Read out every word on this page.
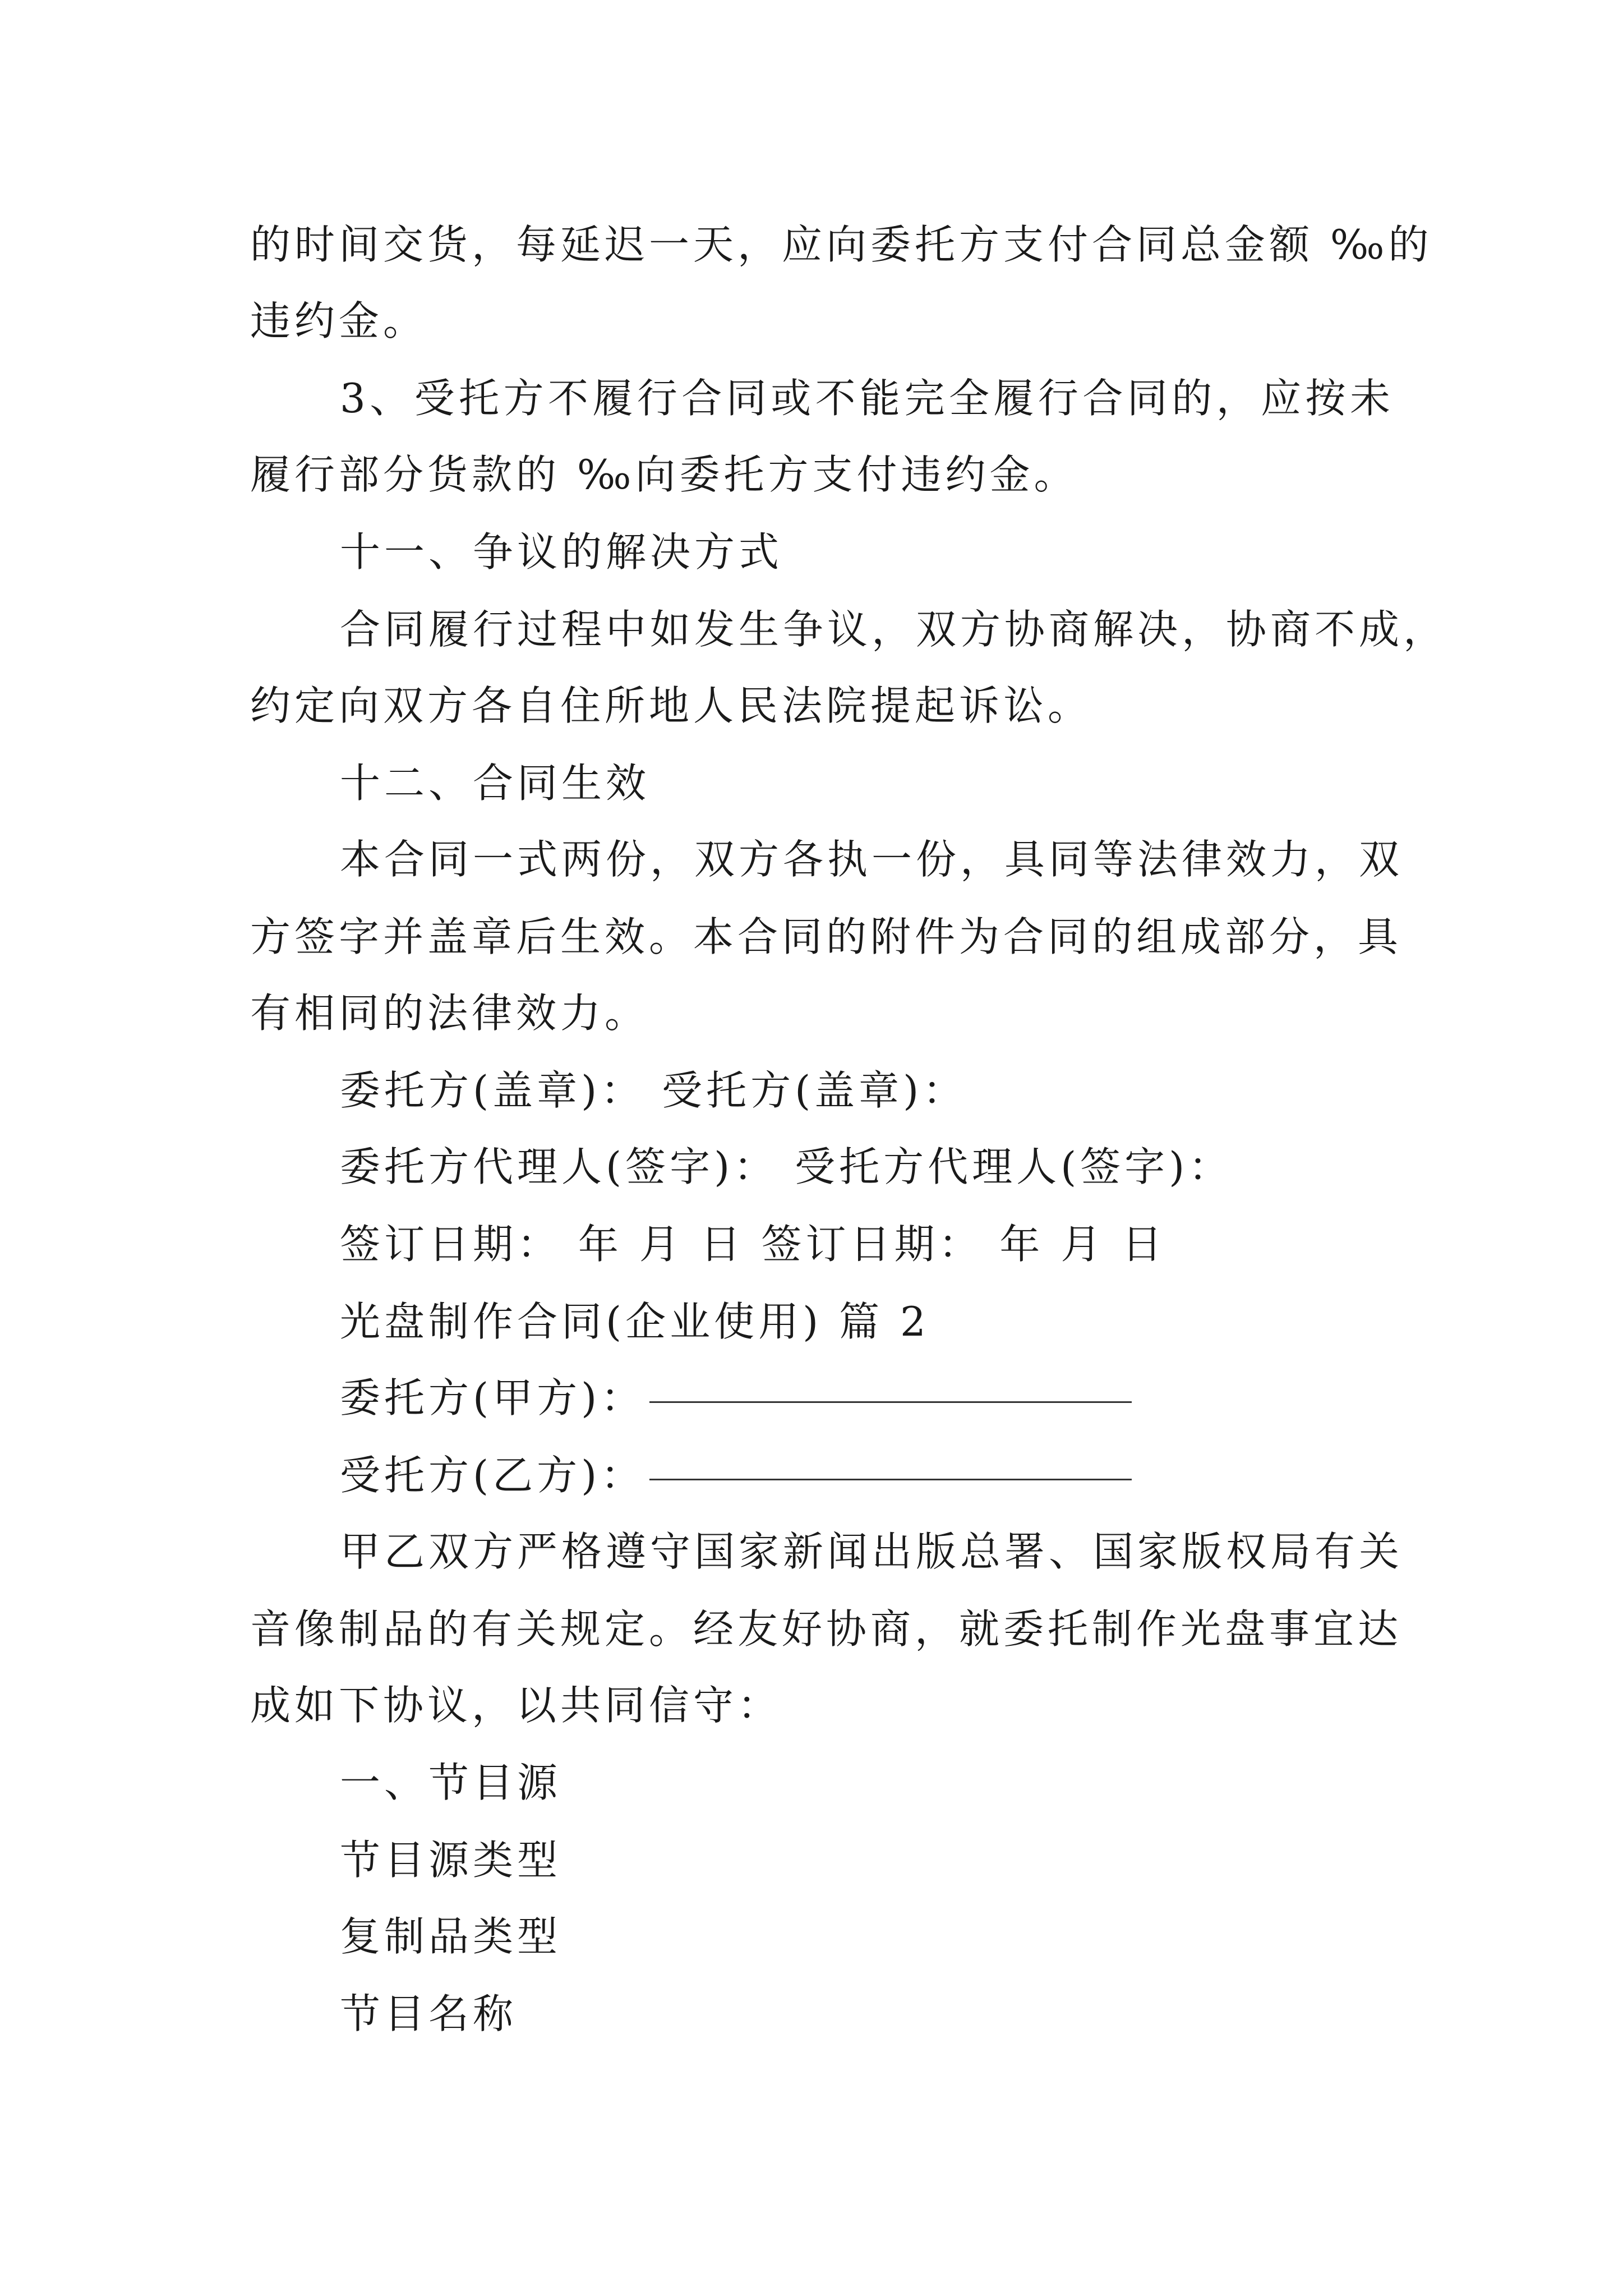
的时间交货，每延迟一天，应向委托方支付合同总金额 ‰的

违约金。

3、受托方不履行合同或不能完全履行合同的，应按未

履行部分货款的 ‰向委托方支付违约金。

十一、争议的解决方式

合同履行过程中如发生争议，双方协商解决，协商不成，

约定向双方各自住所地人民法院提起诉讼。

十二、合同生效

本合同一式两份，双方各执一份，具同等法律效力，双

方签字并盖章后生效。本合同的附件为合同的组成部分，具

有相同的法律效力。

委托方(盖章)： 受托方(盖章)：

委托方代理人(签字)： 受托方代理人(签字)：

签订日期： 年 月 日 签订日期： 年 月 日

光盘制作合同(企业使用) 篇 2

委托方(甲方)：
受托方(乙方)：

甲乙双方严格遵守国家新闻出版总署、国家版权局有关

音像制品的有关规定。经友好协商，就委托制作光盘事宜达

成如下协议，以共同信守：

一、节目源

节目源类型

复制品类型

节目名称
